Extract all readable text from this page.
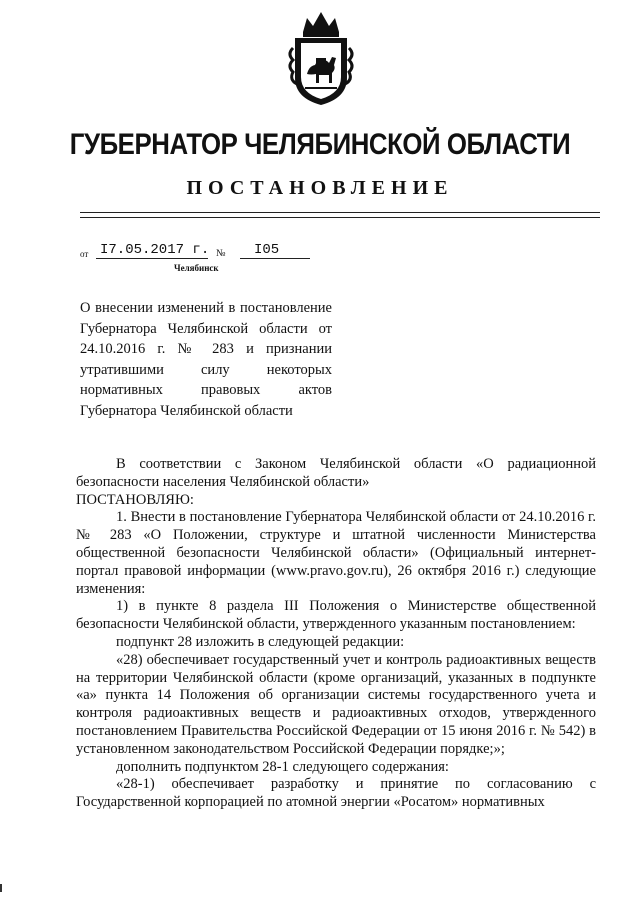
ГУБЕРНАТОР ЧЕЛЯБИНСКОЙ ОБЛАСТИ
ПОСТАНОВЛЕНИЕ
от I7.05.2017 г. №	I05
Челябинск
О внесении изменений в постановление Губернатора Челябинской области от 24.10.2016 г. № 283 и признании утратившими силу некоторых нормативных правовых актов Губернатора Челябинской области

В соответствии с Законом Челябинской области «О радиационной безопасности населения Челябинской области»

ПОСТАНОВЛЯЮ:

1. Внести в постановление Губернатора Челябинской области от 24.10.2016 г. № 283 «О Положении, структуре и штатной численности Министерства общественной безопасности Челябинской области» (Официальный интернет-портал правовой информации (www.pravo.gov.ru), 26 октября 2016 г.) следующие изменения:

1) в пункте 8 раздела III Положения о Министерстве общественной безопасности Челябинской области, утвержденного указанным постановлением:

подпункт 28 изложить в следующей редакции:

«28) обеспечивает государственный учет и контроль радиоактивных веществ на территории Челябинской области (кроме организаций, указанных в подпункте «а» пункта 14 Положения об организации системы государственного учета и контроля радиоактивных веществ и радиоактивных отходов, утвержденного постановлением Правительства Российской Федерации от 15 июня 2016 г. № 542) в установленном законодательством Российской Федерации порядке;»;

дополнить подпунктом 28-1 следующего содержания:

«28-1) обеспечивает разработку и принятие по согласованию с Государственной корпорацией по атомной энергии «Росатом» нормативных
